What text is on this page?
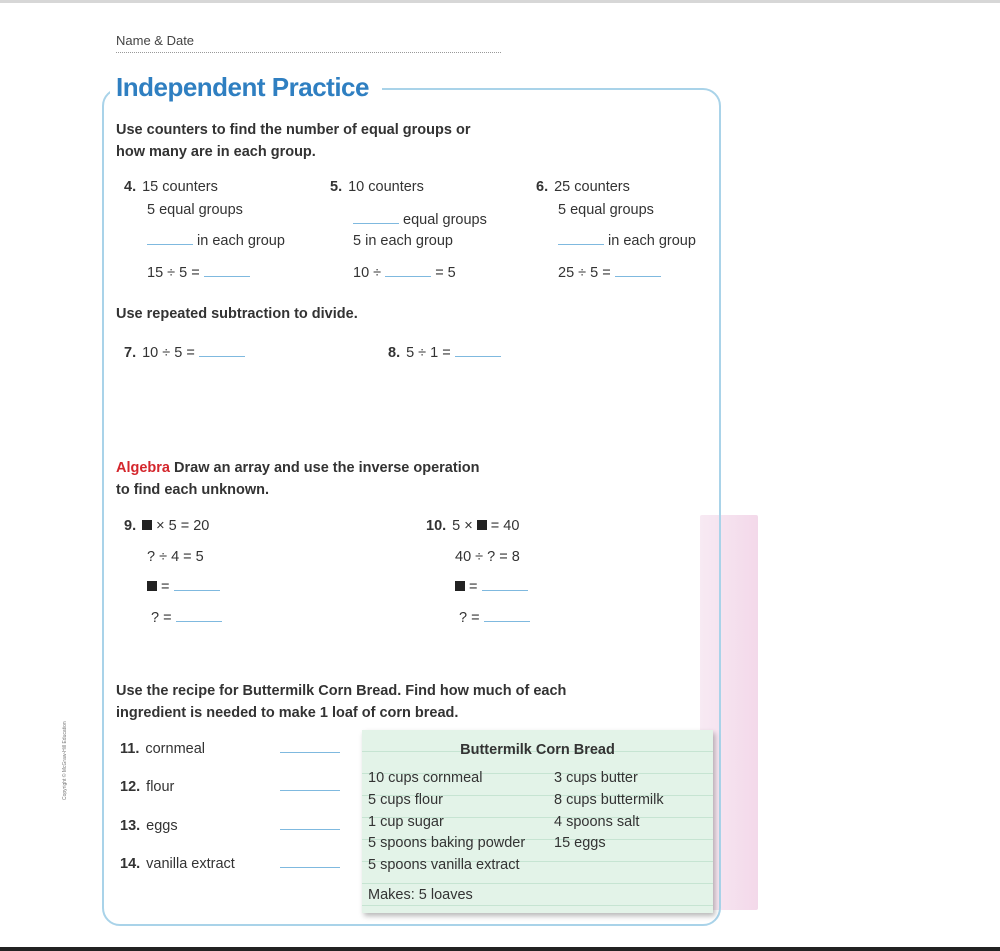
Copyright © McGraw-Hill Education
Name & Date
Independent Practice
Use counters to find the number of equal groups or
how many are in each group.
4. 15 counters
5 equal groups
in each group
15 ÷ 5 =
5. 10 counters
equal groups
5 in each group
10 ÷	= 5
6. 25 counters
5 equal groups
in each group
25 ÷ 5 =
Use repeated subtraction to divide.
7. 10 ÷ 5 =	8. 5 ÷ 1 =
Algebra Draw an array and use the inverse operation
to find each unknown.
9. × 5 = 20
? ÷ 4 = 5
=
? =
10. 5 × = 40
40 ÷ ? = 8
=
? =
Use the recipe for Buttermilk Corn Bread. Find how much of each
ingredient is needed to make 1 loaf of corn bread.
11. cornmeal
12. flour
13. eggs
14. vanilla extract
Buttermilk Corn Bread
10 cups cornmeal
5 cups flour
1 cup sugar
5 spoons baking powder
5 spoons vanilla extract
3 cups butter
8 cups buttermilk
4 spoons salt
15 eggs
Makes: 5 loaves
